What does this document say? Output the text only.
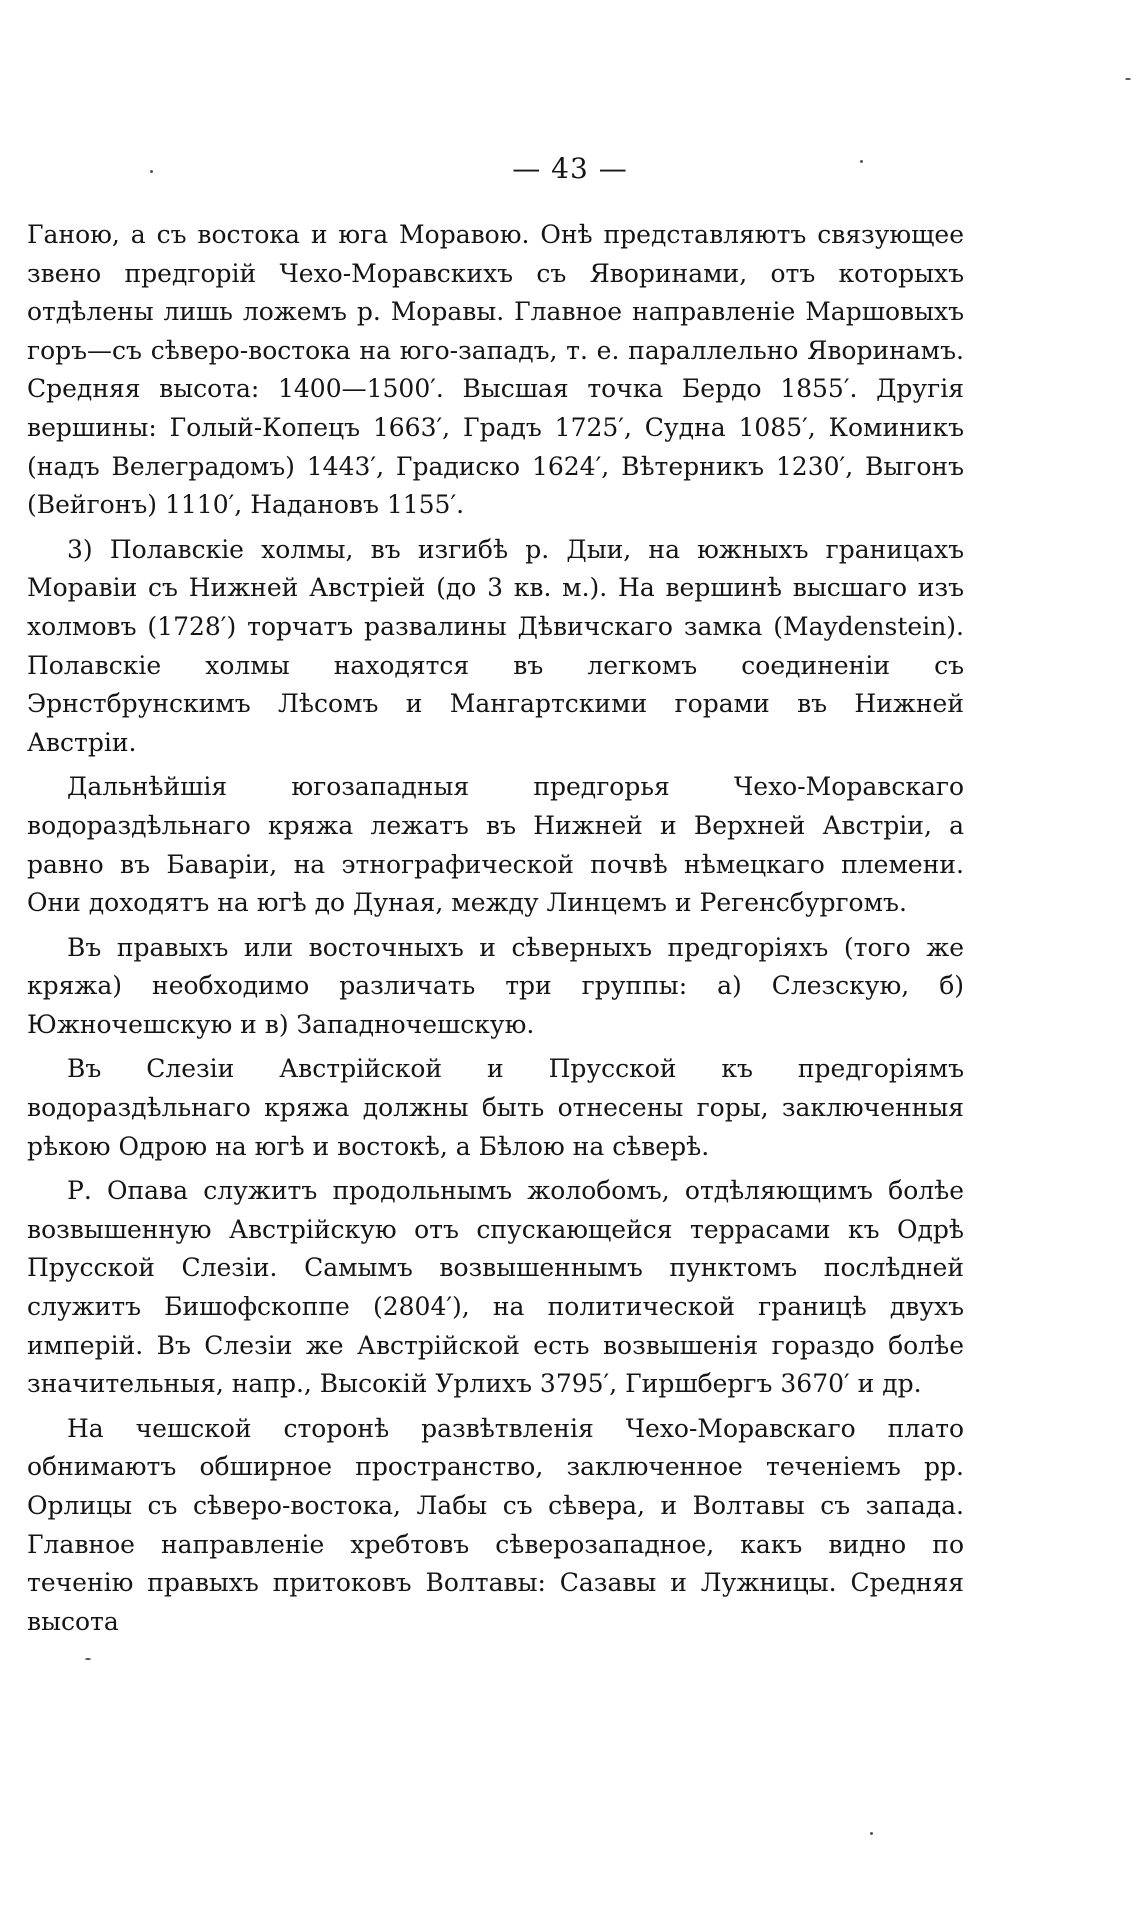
— 43 —

Ганою, а съ востока и юга Моравою. Онѣ представляютъ связующее звено предгорій Чехо-Моравскихъ съ Яворинами, отъ которыхъ отдѣлены лишь ложемъ р. Моравы. Главное направленіе Маршовыхъ горъ—съ сѣверо-востока на юго-западъ, т. е. параллельно Яворинамъ. Средняя высота: 1400—1500′. Высшая точка Бердо 1855′. Другія вершины: Голый-Копецъ 1663′, Градъ 1725′, Судна 1085′, Коминикъ (надъ Велеградомъ) 1443′, Градиско 1624′, Вѣтерникъ 1230′, Выгонъ (Вейгонъ) 1110′, Надановъ 1155′.

3) Полавскіе холмы, въ изгибѣ р. Дыи, на южныхъ границахъ Моравіи съ Нижней Австріей (до 3 кв. м.). На вершинѣ высшаго изъ холмовъ (1728′) торчатъ развалины Дѣвичскаго замка (Maydenstein). Полавскіе холмы находятся въ легкомъ соединеніи съ Эрнстбрунскимъ Лѣсомъ и Мангартскими горами въ Нижней Австріи.

Дальнѣйшія югозападныя предгорья Чехо-Моравскаго водораздѣльнаго кряжа лежатъ въ Нижней и Верхней Австріи, а равно въ Баваріи, на этнографической почвѣ нѣмецкаго племени. Они доходятъ на югѣ до Дуная, между Линцемъ и Регенсбургомъ.

Въ правыхъ или восточныхъ и сѣверныхъ предгоріяхъ (того же кряжа) необходимо различать три группы: а) Слезскую, б) Южночешскую и в) Западночешскую.

Въ Слезіи Австрійской и Прусской къ предгоріямъ водораздѣльнаго кряжа должны быть отнесены горы, заключенныя рѣкою Одрою на югѣ и востокѣ, а Бѣлою на сѣверѣ.

Р. Опава служитъ продольнымъ жолобомъ, отдѣляющимъ болѣе возвышенную Австрійскую отъ спускающейся террасами къ Одрѣ Прусской Слезіи. Самымъ возвышеннымъ пунктомъ послѣдней служитъ Бишофскоппе (2804′), на политической границѣ двухъ имперій. Въ Слезіи же Австрійской есть возвышенія гораздо болѣе значительныя, напр., Высокій Урлихъ 3795′, Гиршбергъ 3670′ и др.

На чешской сторонѣ развѣтвленія Чехо-Моравскаго плато обнимаютъ обширное пространство, заключенное теченіемъ рр. Орлицы съ сѣверо-востока, Лабы съ сѣвера, и Волтавы съ запада. Главное направленіе хребтовъ сѣверозападное, какъ видно по теченію правыхъ притоковъ Волтавы: Сазавы и Лужницы. Средняя высота
